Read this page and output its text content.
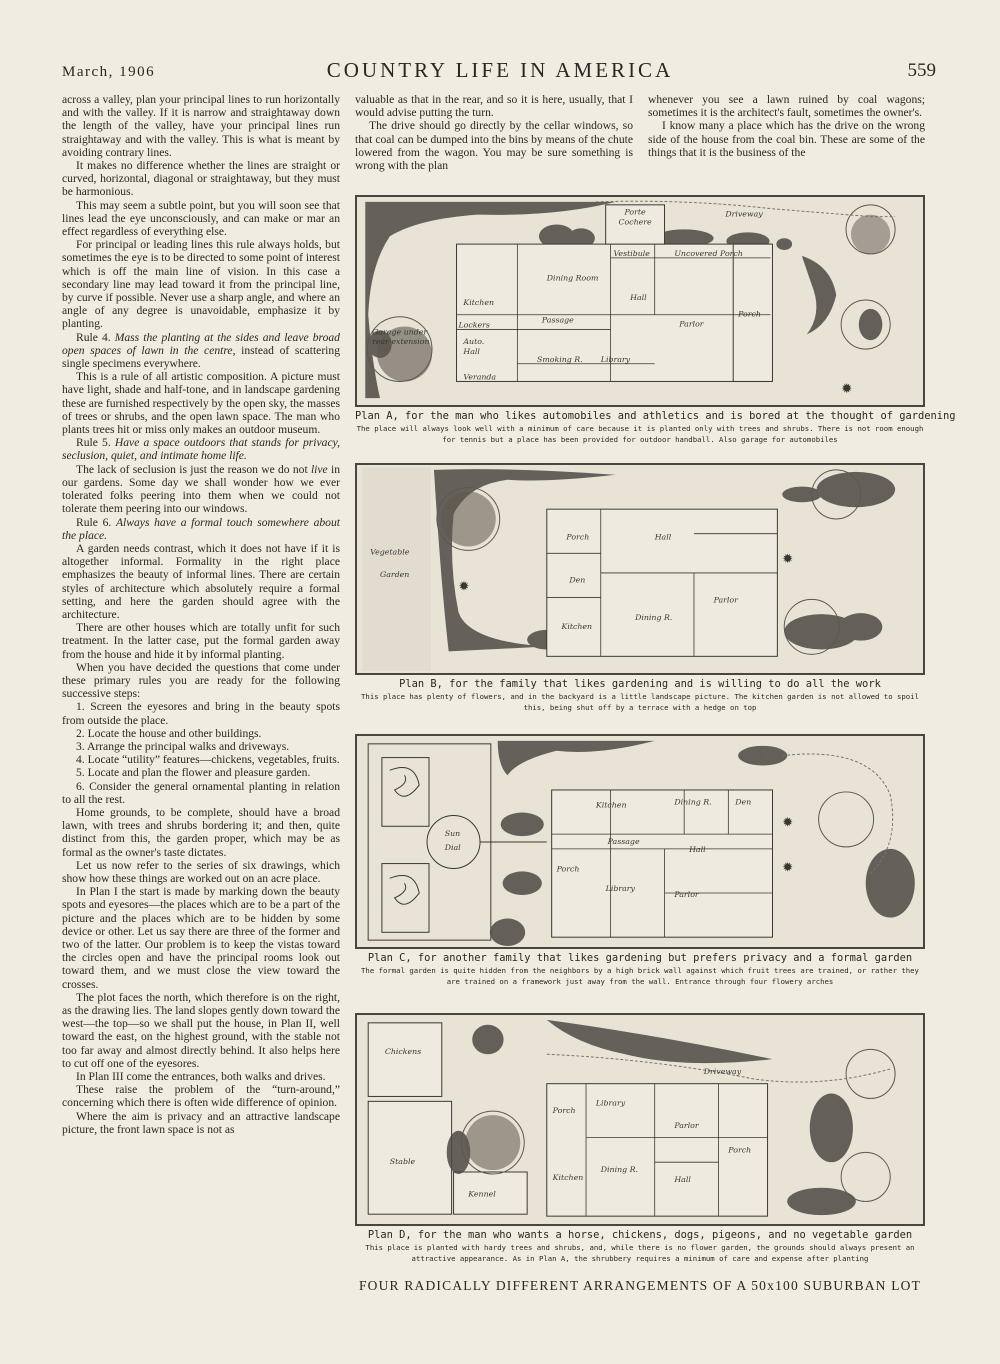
March, 1906	COUNTRY LIFE IN AMERICA	559

across a valley, plan your principal lines to run horizontally and with the valley. If it is narrow and straightaway down the length of the valley, have your principal lines run straightaway and with the valley. This is what is meant by avoiding contrary lines.

It makes no difference whether the lines are straight or curved, horizontal, diagonal or straightaway, but they must be harmonious.

This may seem a subtle point, but you will soon see that lines lead the eye unconsciously, and can make or mar an effect regardless of everything else.

For principal or leading lines this rule always holds, but sometimes the eye is to be directed to some point of interest which is off the main line of vision. In this case a secondary line may lead toward it from the principal line, by curve if possible. Never use a sharp angle, and where an angle of any degree is unavoidable, emphasize it by planting.

Rule 4. Mass the planting at the sides and leave broad open spaces of lawn in the centre, instead of scattering single specimens everywhere.

This is a rule of all artistic composition. A picture must have light, shade and half-tone, and in landscape gardening these are furnished respectively by the open sky, the masses of trees or shrubs, and the open lawn space. The man who plants trees hit or miss only makes an outdoor museum.

Rule 5. Have a space outdoors that stands for privacy, seclusion, quiet, and intimate home life.

The lack of seclusion is just the reason we do not live in our gardens. Some day we shall wonder how we ever tolerated folks peering into them when we could not tolerate them peering into our windows.

Rule 6. Always have a formal touch somewhere about the place.

A garden needs contrast, which it does not have if it is altogether informal. Formality in the right place emphasizes the beauty of informal lines. There are certain styles of architecture which absolutely require a formal setting, and here the garden should agree with the architecture.

There are other houses which are totally unfit for such treatment. In the latter case, put the formal garden away from the house and hide it by informal planting.

When you have decided the questions that come under these primary rules you are ready for the following successive steps:

1. Screen the eyesores and bring in the beauty spots from outside the place.
2. Locate the house and other buildings.
3. Arrange the principal walks and driveways.
4. Locate “utility” features—chickens, vegetables, fruits.
5. Locate and plan the flower and pleasure garden.
6. Consider the general ornamental planting in relation to all the rest.

Home grounds, to be complete, should have a broad lawn, with trees and shrubs bordering it; and then, quite distinct from this, the garden proper, which may be as formal as the owner's taste dictates.

Let us now refer to the series of six drawings, which show how these things are worked out on an acre place.

In Plan I the start is made by marking down the beauty spots and eyesores—the places which are to be a part of the picture and the places which are to be hidden by some device or other. Let us say there are three of the former and two of the latter. Our problem is to keep the vistas toward the circles open and have the principal rooms look out toward them, and we must close the view toward the crosses.

The plot faces the north, which therefore is on the right, as the drawing lies. The land slopes gently down toward the west—the top—so we shall put the house, in Plan II, well toward the east, on the highest ground, with the stable not too far away and almost directly behind. It also helps here to cut off one of the eyesores.

In Plan III come the entrances, both walks and drives.

These raise the problem of the “turn-around,” concerning which there is often wide difference of opinion.

Where the aim is privacy and an attractive landscape picture, the front lawn space is not as

valuable as that in the rear, and so it is here, usually, that I would advise putting the turn.

The drive should go directly by the cellar windows, so that coal can be dumped into the bins by means of the chute lowered from the wagon. You may be sure something is wrong with the plan

whenever you see a lawn ruined by coal wagons; sometimes it is the architect's fault, sometimes the owner's.

I know many a place which has the drive on the wrong side of the house from the coal bin. These are some of the things that it is the business of the

Porte
Cochere
Driveway
Vestibule	Uncovered Porch
Dining Room
Hall
Kitchen
Passage	Parlor
Porch
Garage under
rear extension
Lockers
Auto.
Hall
Smoking R. Library
Veranda
✹
Plan A, for the man who likes automobiles and athletics and is bored at the thought of gardening
The place will always look well with a minimum of care because it is planted only with trees and shrubs. There is not room enough for tennis but a place has been provided for outdoor handball. Also garage for automobiles
Vegetable
Garden
Porch	Hall
Den
Kitchen
Dining R.
Parlor
✹
✹
Plan B, for the family that likes gardening and is willing to do all the work
This place has plenty of flowers, and in the backyard is a little landscape picture. The kitchen garden is not allowed to spoil this, being shut off by a terrace with a hedge on top
Sun
Dial
Kitchen	Dining R.	Den
Passage
Hall
Porch
Library
Parlor
✹
✹
Plan C, for another family that likes gardening but prefers privacy and a formal garden
The formal garden is quite hidden from the neighbors by a high brick wall against which fruit trees are trained, or rather they are trained on a framework just away from the wall. Entrance through four flowery arches
Chickens
Driveway
Library
Porch
Parlor
Stable
Porch
Kitchen
Dining R.
Hall
Kennel
Plan D, for the man who wants a horse, chickens, dogs, pigeons, and no vegetable garden
This place is planted with hardy trees and shrubs, and, while there is no flower garden, the grounds should always present an attractive appearance. As in Plan A, the shrubbery requires a minimum of care and expense after planting
FOUR RADICALLY DIFFERENT ARRANGEMENTS OF A 50x100 SUBURBAN LOT
